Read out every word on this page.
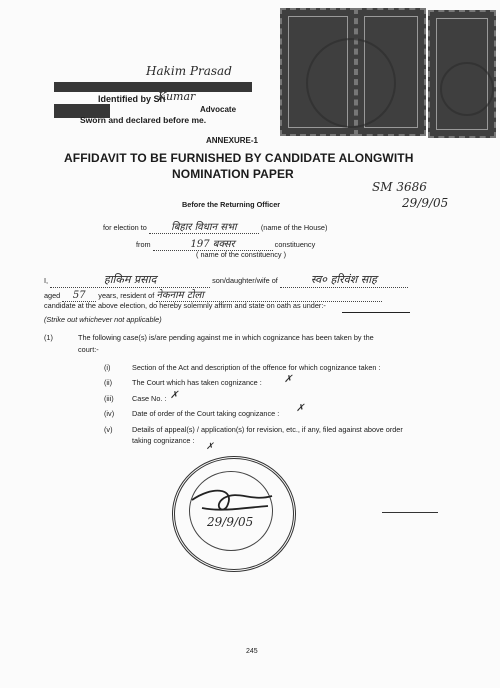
Hakim Prasad
Identified by Sri
Kumar
Advocate
Sworn and declared before me.
ANNEXURE-1
AFFIDAVIT TO BE FURNISHED BY CANDIDATE ALONGWITH
NOMINATION PAPER
SM 3686
29/9/05
Before the Returning Officer
for election to बिहार विधान सभा	(name of the House)
from	197 बक्सर	constituency
( name of the constituency )
I,	हाकिम प्रसाद	son/daughter/wife of	स्व० हरिवंश साह
aged 57 years, resident of नेकनाम टोला
candidate at the above election, do hereby solemnly affirm and state on oath as under:-
(Strike out whichever not applicable)
(1)	The following case(s) is/are pending against me in which cognizance has been taken by the
court:-
(i)	Section of the Act and description of the offence for which cognizance taken :
(ii)	The Court which has taken cognizance : ✗
(iii)	Case No. : ✗
(iv) Date of order of the Court taking cognizance : ✗
(v)	Details of appeal(s) / application(s) for revision, etc., if any, filed against above order
taking cognizance :
✗
29/9/05
245
